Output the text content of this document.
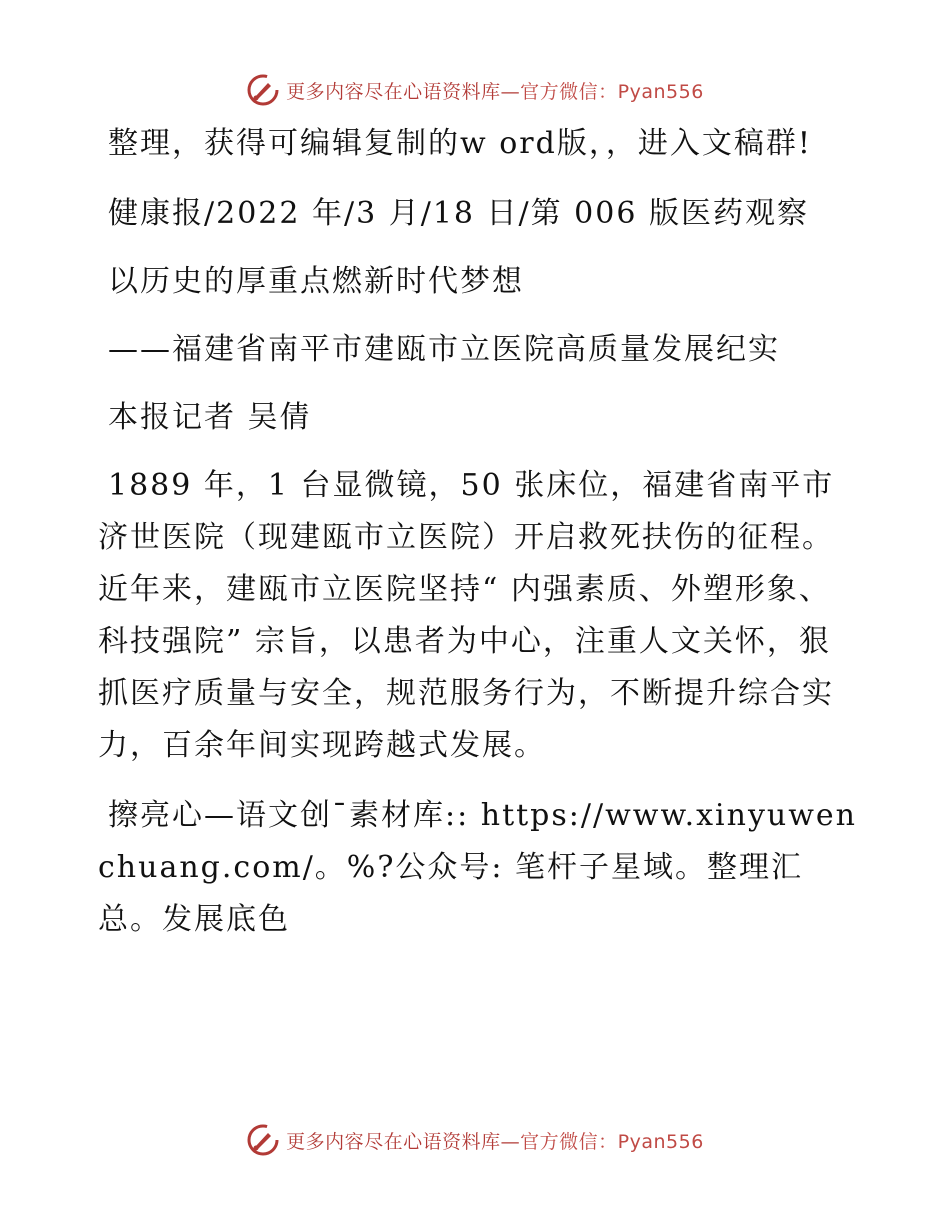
更多内容尽在心语资料库—官方微信：Pyan556

整理，获得可编辑复制的w ord版，，进入文稿群!

健康报/2022 年/3 月/18 日/第 006 版医药观察

以历史的厚重点燃新时代梦想

——福建省南平市建瓯市立医院高质量发展纪实

本报记者 吴倩

1889 年，1 台显微镜，50 张床位，福建省南平市济世医院（现建瓯市立医院）开启救死扶伤的征程。近年来，建瓯市立医院坚持“ 内强素质、外塑形象、科技强院” 宗旨，以患者为中心，注重人文关怀，狠抓医疗质量与安全，规范服务行为，不断提升综合实力，百余年间实现跨越式发展。

擦亮心—语文创¯素材库:: https://www.xinyuwenchuang.com/。%?公众号: 笔杆子星域。整理汇总。发展底色

更多内容尽在心语资料库—官方微信：Pyan556
